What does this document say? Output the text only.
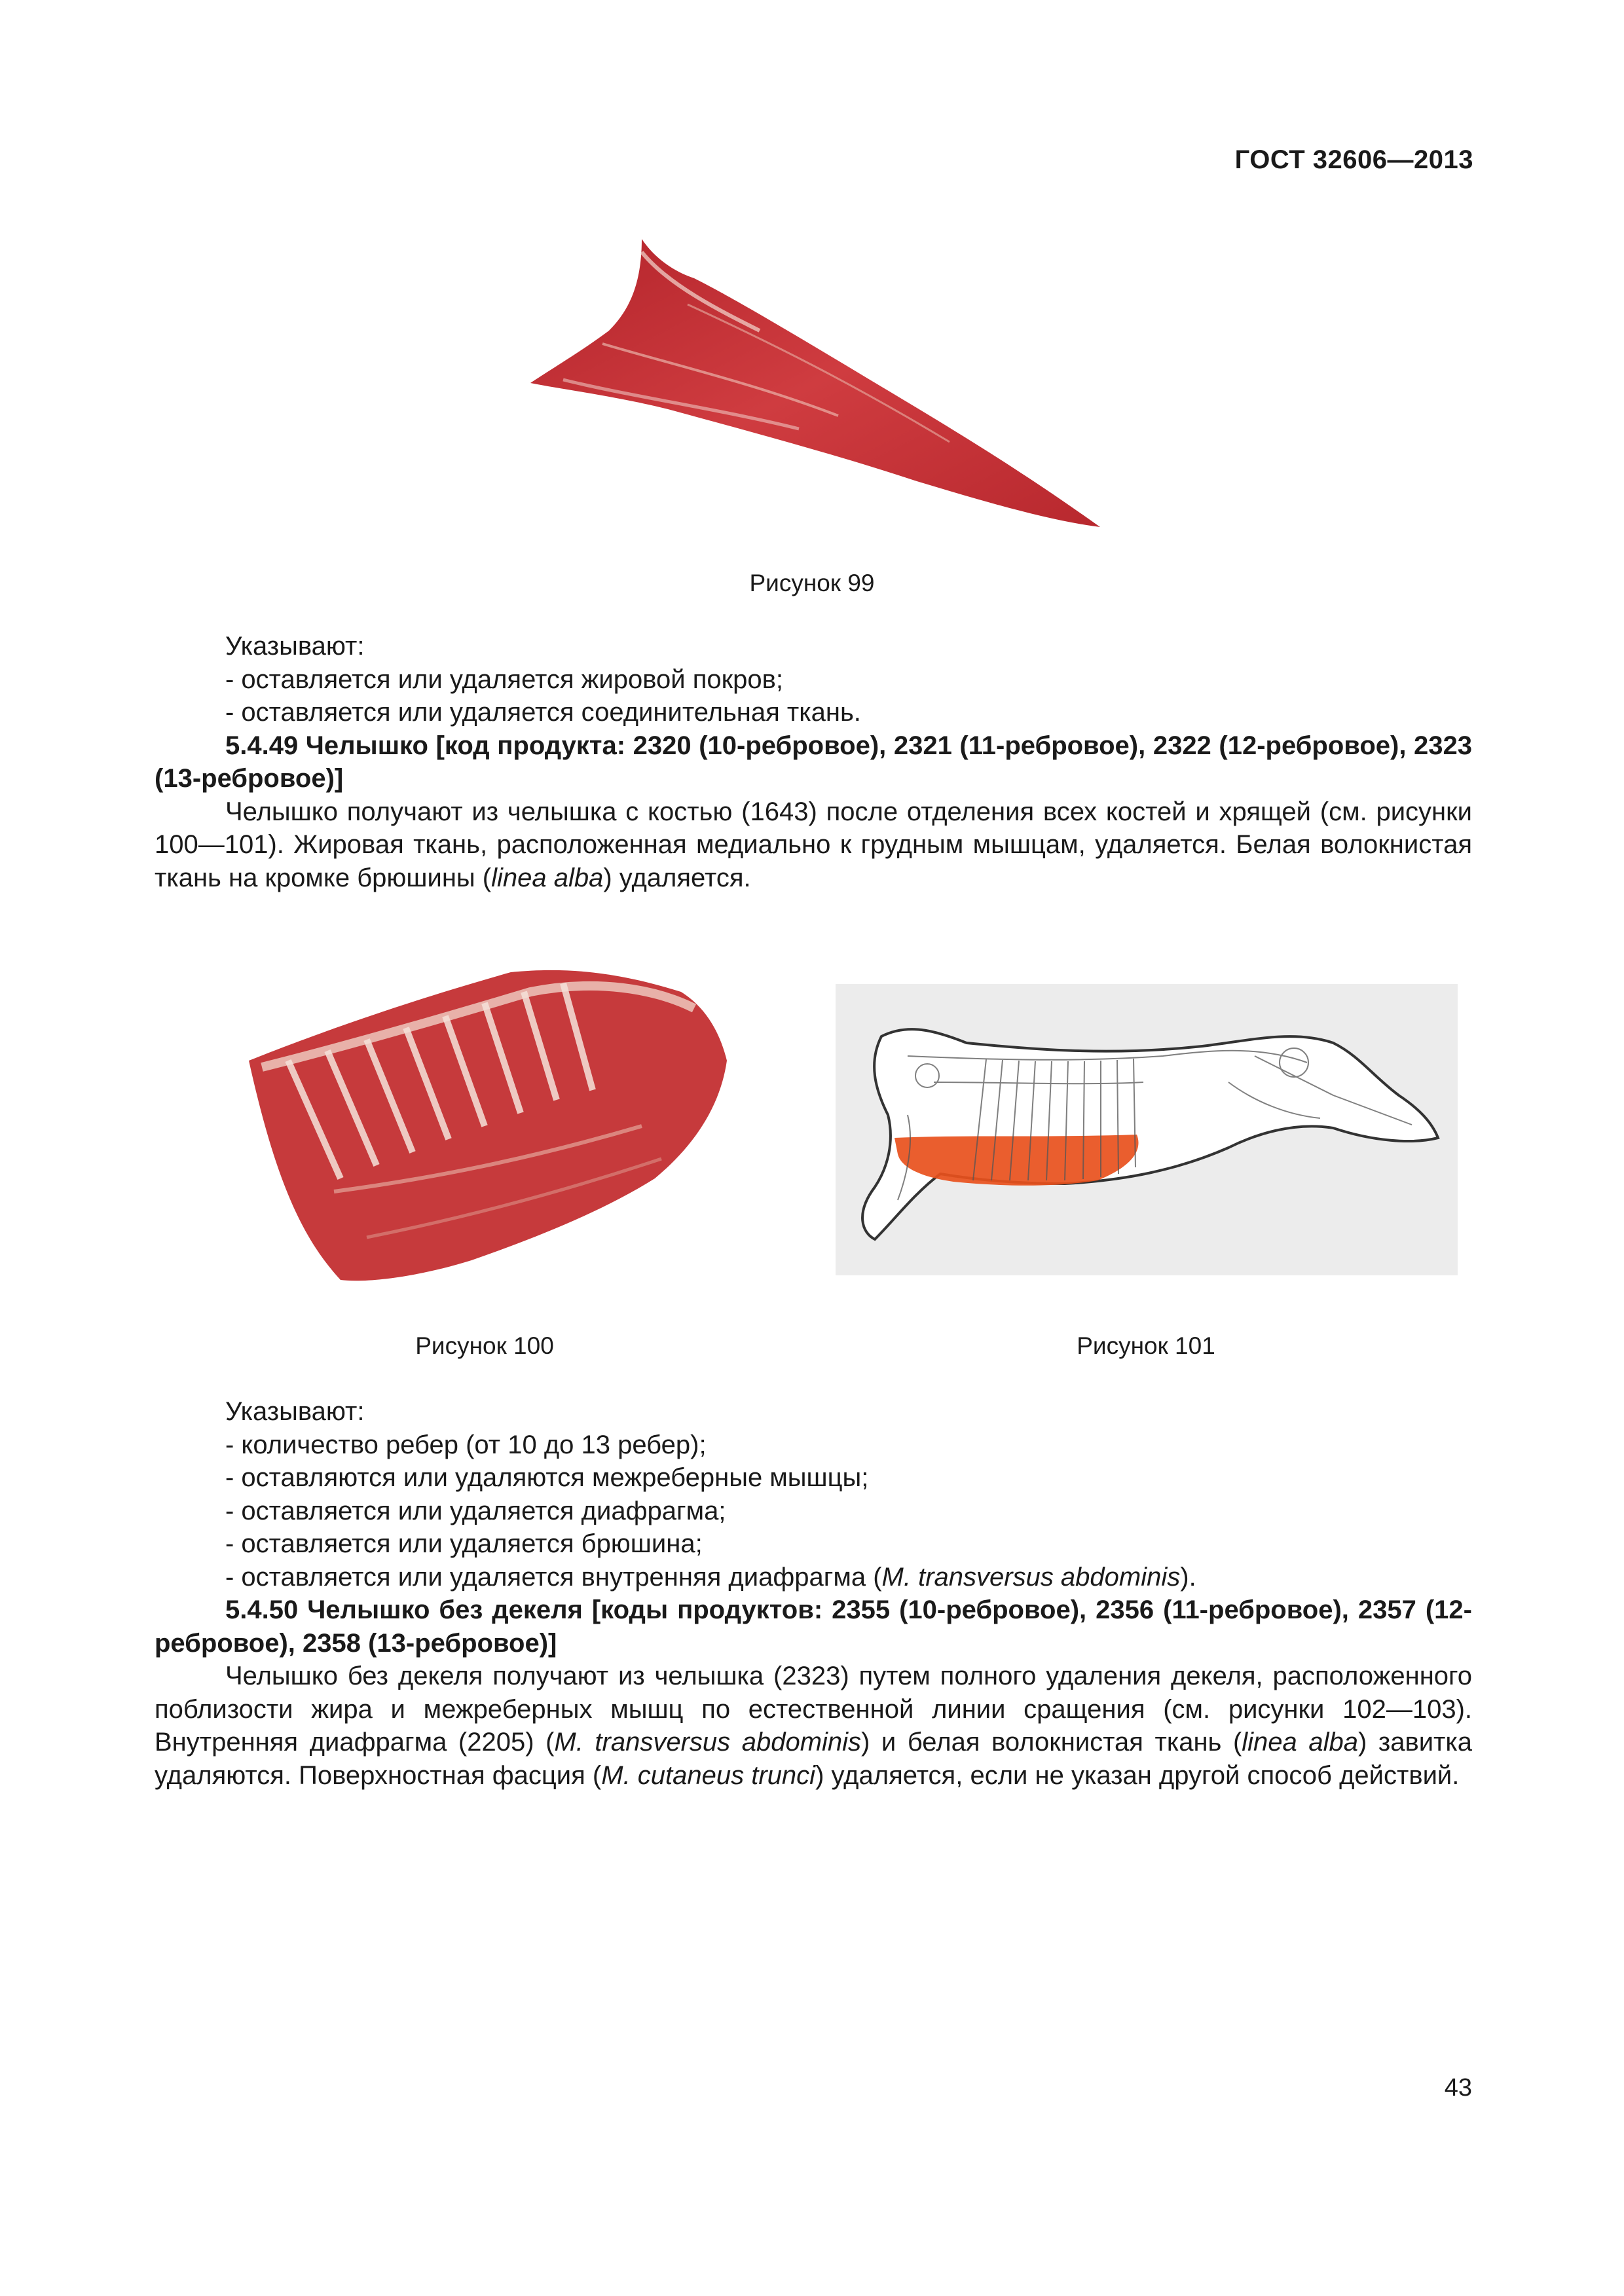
ГОСТ 32606—2013
Рисунок 99

Указывают:

- оставляется или удаляется жировой покров;

- оставляется или удаляется соединительная ткань.

5.4.49 Челышко [код продукта: 2320 (10-ребровое), 2321 (11-ребровое), 2322 (12-ребровое), 2323 (13-ребровое)]

Челышко получают из челышка с костью (1643) после отделения всех костей и хрящей (см. рисунки 100—101). Жировая ткань, расположенная медиально к грудным мышцам, удаляется. Белая волокнистая ткань на кромке брюшины (linea alba) удаляется.

Рисунок 100	Рисунок 101

Указывают:

- количество ребер (от 10 до 13 ребер);

- оставляются или удаляются межреберные мышцы;

- оставляется или удаляется диафрагма;

- оставляется или удаляется брюшина;

- оставляется или удаляется внутренняя диафрагма (M. transversus abdominis).

5.4.50 Челышко без декеля [коды продуктов: 2355 (10-ребровое), 2356 (11-ребровое), 2357 (12-ребровое), 2358 (13-ребровое)]

Челышко без декеля получают из челышка (2323) путем полного удаления декеля, расположенного поблизости жира и межреберных мышц по естественной линии сращения (см. рисунки 102—103). Внутренняя диафрагма (2205) (M. transversus abdominis) и белая волокнистая ткань (linea alba) завитка удаляются. Поверхностная фасция (M. cutaneus trunci) удаляется, если не указан другой способ действий.

43
